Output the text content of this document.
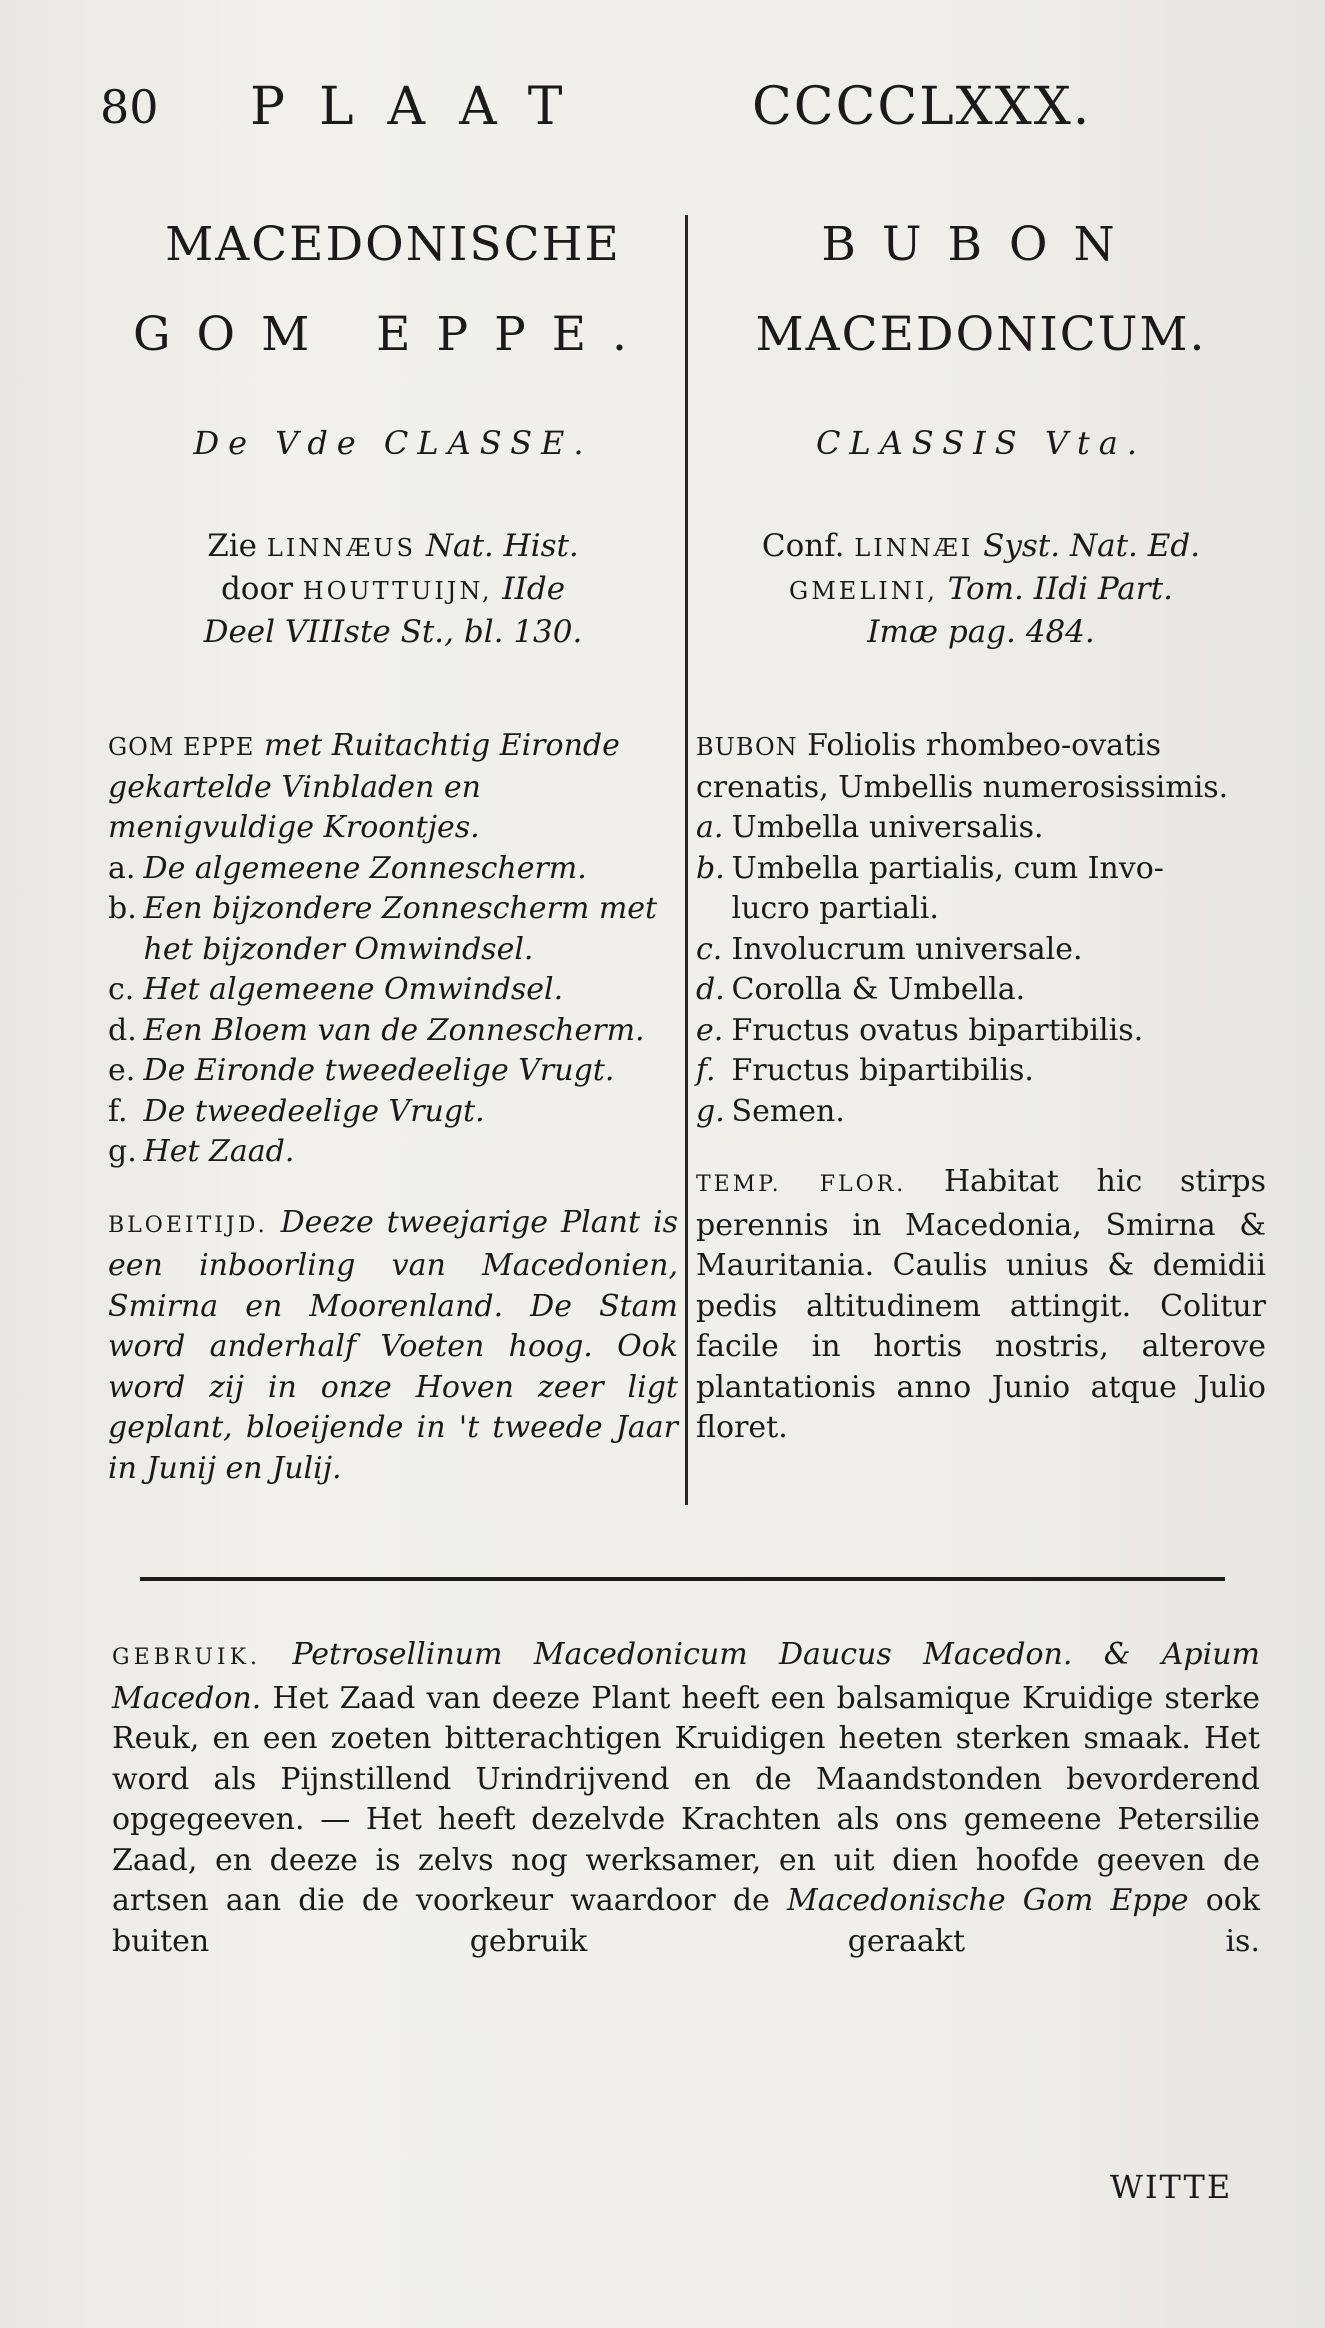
80 PLAAT	CCCCLXXX.
MACEDONISCHE
GOM EPPE.
De Vde CLASSE.
Zie LINNÆUS Nat. Hist.
door HOUTTUIJN, IIde
Deel VIIIste St., bl. 130.
GOM EPPE met Ruitachtig Eironde gekartelde Vinbladen en menigvuldige Kroontjes.
a. De algemeene Zonnescherm.
b. Een bijzondere Zonnescherm met
het bijzonder Omwindsel.
c. Het algemeene Omwindsel.
d. Een Bloem van de Zonnescherm.
e. De Eironde tweedeelige Vrugt.
f. De tweedeelige Vrugt.
g. Het Zaad.
BLOEITIJD. Deeze tweejarige Plant is een inboorling van Macedonien, Smirna en Moorenland. De Stam word anderhalf Voeten hoog. Ook word zij in onze Hoven zeer ligt geplant, bloeijende in 't tweede Jaar in Junij en Julij.
BUBON
MACEDONICUM.
CLASSIS Vta.
Conf. LINNÆI Syst. Nat. Ed.
GMELINI, Tom. IIdi Part.
Imæ pag. 484.
BUBON Foliolis rhombeo-ovatis crenatis, Umbellis numerosissimis.
a. Umbella universalis.
b. Umbella partialis, cum Invo-
lucro partiali.
c. Involucrum universale.
d. Corolla & Umbella.
e. Fructus ovatus bipartibilis.
f. Fructus bipartibilis.
g. Semen.
TEMP. FLOR. Habitat hic stirps perennis in Macedonia, Smirna & Mauritania. Caulis unius & demidii pedis altitudinem attingit. Colitur facile in hortis nostris, alterove plantationis anno Junio atque Julio floret.
GEBRUIK. Petrosellinum Macedonicum Daucus Macedon. & Apium Macedon. Het Zaad van deeze Plant heeft een balsamique Kruidige sterke Reuk, en een zoeten bitterachtigen Kruidigen heeten sterken smaak. Het word als Pijnstillend Urindrijvend en de Maandstonden bevorderend opgegeeven. — Het heeft dezelvde Krachten als ons gemeene Petersilie Zaad, en deeze is zelvs nog werksamer, en uit dien hoofde geeven de artsen aan die de voorkeur waardoor de Macedonische Gom Eppe ook buiten gebruik geraakt is.
WITTE
